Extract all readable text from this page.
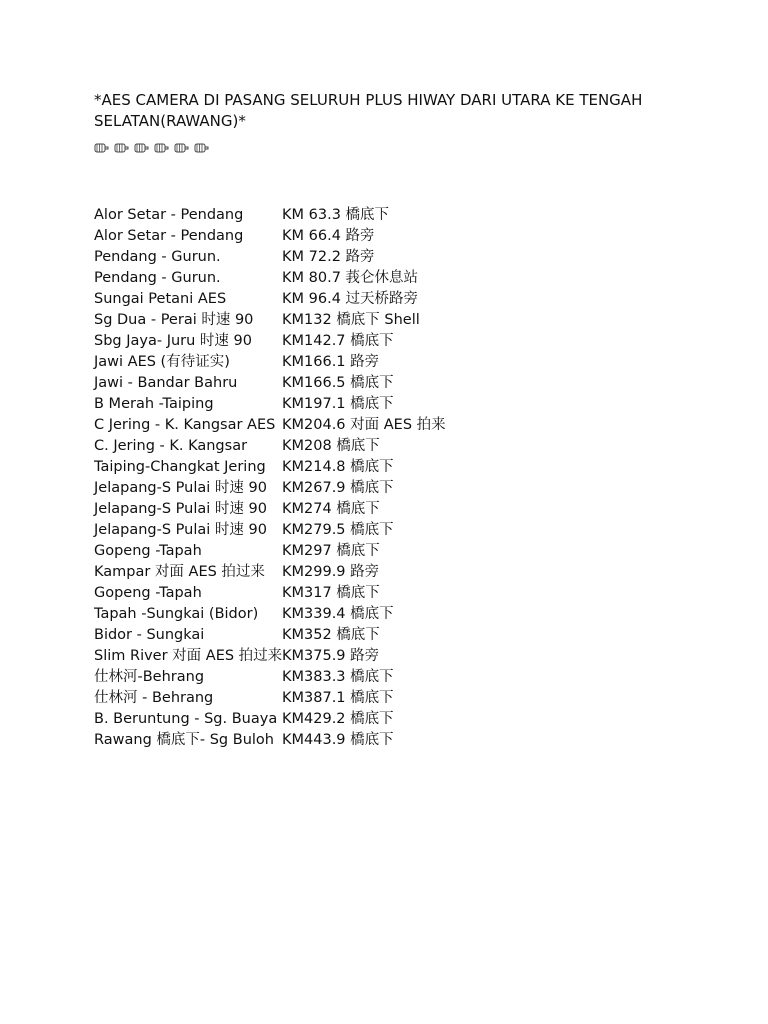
*AES CAMERA DI PASANG SELURUH PLUS HIWAY DARI UTARA KE TENGAH SELATAN(RAWANG)*
Alor Setar - Pendang	KM 63.3 橋底下
Alor Setar - Pendang	KM 66.4 路旁
Pendang - Gurun.	KM 72.2 路旁
Pendang - Gurun.	KM 80.7 莪仑休息站
Sungai Petani AES	KM 96.4 过天桥路旁
Sg Dua - Perai 时速 90	KM132 橋底下 Shell
Sbg Jaya- Juru 时速 90	KM142.7 橋底下
Jawi AES (有待证实)	KM166.1 路旁
Jawi - Bandar Bahru	KM166.5 橋底下
B Merah -Taiping	KM197.1 橋底下
C Jering - K. Kangsar AES KM204.6 对面 AES 拍来
C. Jering - K. Kangsar	KM208 橋底下
Taiping-Changkat Jering	KM214.8 橋底下
Jelapang-S Pulai 时速 90	KM267.9 橋底下
Jelapang-S Pulai 时速 90	KM274 橋底下
Jelapang-S Pulai 时速 90	KM279.5 橋底下
Gopeng -Tapah	KM297 橋底下
Kampar 对面 AES 拍过来	KM299.9 路旁
Gopeng -Tapah	KM317 橋底下
Tapah -Sungkai (Bidor)	KM339.4 橋底下
Bidor - Sungkai	KM352 橋底下
Slim River 对面 AES 拍过来 KM375.9 路旁
仕林河-Behrang	KM383.3 橋底下
仕林河 - Behrang	KM387.1 橋底下
B. Beruntung - Sg. Buaya KM429.2 橋底下
Rawang 橋底下- Sg Buloh KM443.9 橋底下
